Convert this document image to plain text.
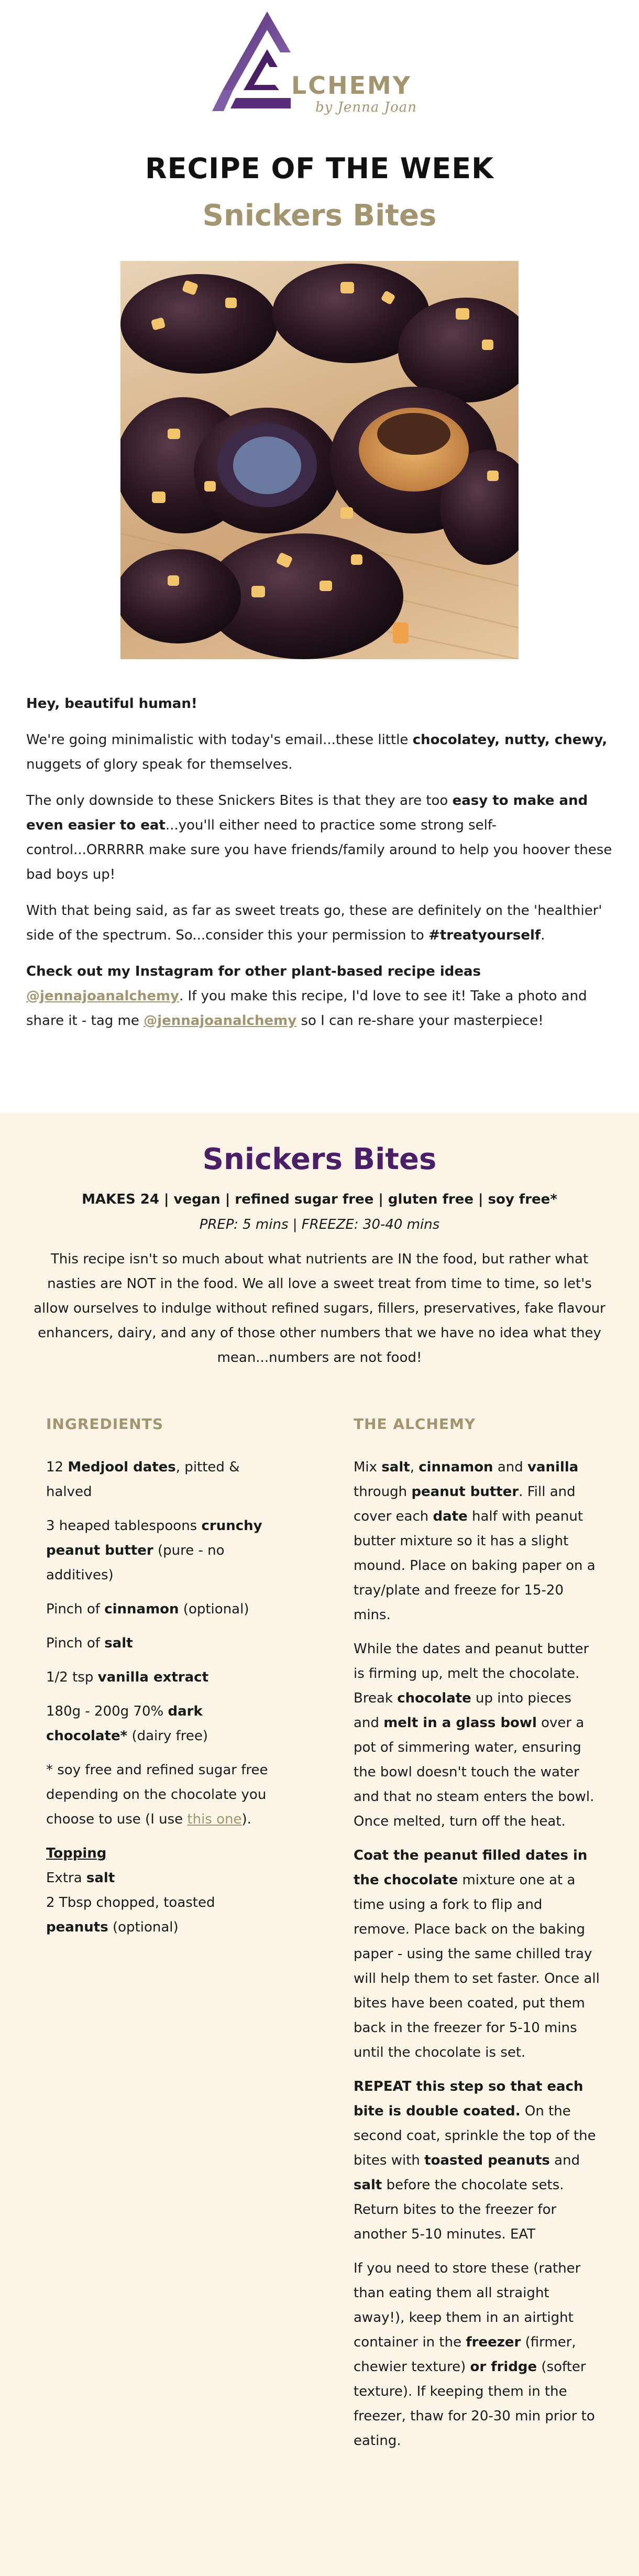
LCHEMY
by Jenna Joan
RECIPE OF THE WEEK
Snickers Bites

Hey, beautiful human!

We're going minimalistic with today's email...these little chocolatey, nutty, chewy, nuggets of glory speak for themselves.

The only downside to these Snickers Bites is that they are too easy to make and even easier to eat...you'll either need to practice some strong self-control...ORRRRR make sure you have friends/family around to help you hoover these bad boys up!

With that being said, as far as sweet treats go, these are definitely on the 'healthier' side of the spectrum. So...consider this your permission to #treatyourself.

Check out my Instagram for other plant-based recipe ideas @jennajoanalchemy. If you make this recipe, I'd love to see it! Take a photo and share it - tag me @jennajoanalchemy so I can re-share your masterpiece!

Snickers Bites
MAKES 24 | vegan | refined sugar free | gluten free | soy free*
PREP: 5 mins | FREEZE: 30-40 mins
This recipe isn't so much about what nutrients are IN the food, but rather what nasties are NOT in the food. We all love a sweet treat from time to time, so let's allow ourselves to indulge without refined sugars, fillers, preservatives, fake flavour enhancers, dairy, and any of those other numbers that we have no idea what they mean...numbers are not food!
INGREDIENTS

12 Medjool dates, pitted & halved

3 heaped tablespoons crunchy peanut butter (pure - no additives)

Pinch of cinnamon (optional)

Pinch of salt

1/2 tsp vanilla extract

180g - 200g 70% dark chocolate* (dairy free)

* soy free and refined sugar free depending on the chocolate you choose to use (I use this one).

Topping
Extra salt
2 Tbsp chopped, toasted peanuts (optional)
THE ALCHEMY

Mix salt, cinnamon and vanilla through peanut butter. Fill and cover each date half with peanut butter mixture so it has a slight mound. Place on baking paper on a tray/plate and freeze for 15-20 mins.

While the dates and peanut butter is firming up, melt the chocolate. Break chocolate up into pieces and melt in a glass bowl over a pot of simmering water, ensuring the bowl doesn't touch the water and that no steam enters the bowl. Once melted, turn off the heat.

Coat the peanut filled dates in the chocolate mixture one at a time using a fork to flip and remove. Place back on the baking paper - using the same chilled tray will help them to set faster. Once all bites have been coated, put them back in the freezer for 5-10 mins until the chocolate is set.

REPEAT this step so that each bite is double coated. On the second coat, sprinkle the top of the bites with toasted peanuts and salt before the chocolate sets. Return bites to the freezer for another 5-10 minutes. EAT

If you need to store these (rather than eating them all straight away!), keep them in an airtight container in the freezer (firmer, chewier texture) or fridge (softer texture). If keeping them in the freezer, thaw for 20-30 min prior to eating.
